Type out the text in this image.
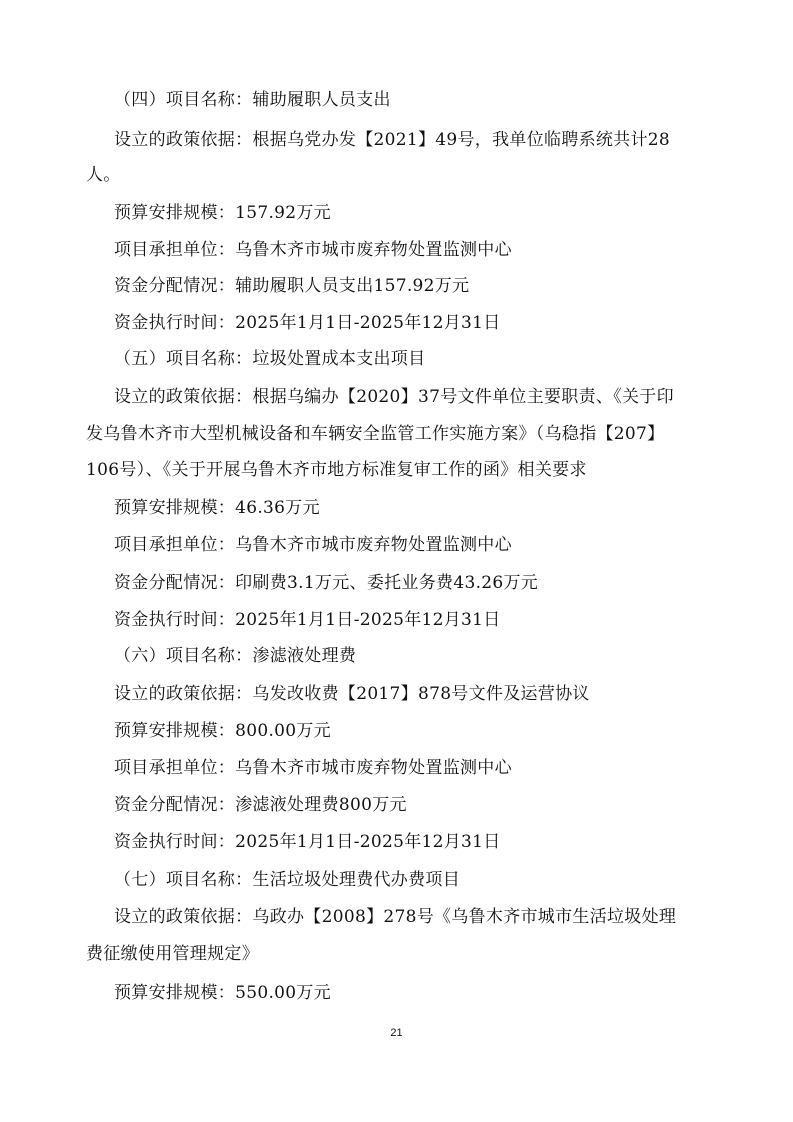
（四）项目名称：辅助履职人员支出
设立的政策依据：根据乌党办发【2021】49号，我单位临聘系统共计28
人。
预算安排规模：157.92万元
项目承担单位：乌鲁木齐市城市废弃物处置监测中心
资金分配情况：辅助履职人员支出157.92万元
资金执行时间：2025年1月1日-2025年12月31日
（五）项目名称：垃圾处置成本支出项目
设立的政策依据：根据乌编办【2020】37号文件单位主要职责、《关于印
发乌鲁木齐市大型机械设备和车辆安全监管工作实施方案》（乌稳指【207】
106号）、《关于开展乌鲁木齐市地方标准复审工作的函》相关要求
预算安排规模：46.36万元
项目承担单位：乌鲁木齐市城市废弃物处置监测中心
资金分配情况：印刷费3.1万元、委托业务费43.26万元
资金执行时间：2025年1月1日-2025年12月31日
（六）项目名称：渗滤液处理费
设立的政策依据：乌发改收费【2017】878号文件及运营协议
预算安排规模：800.00万元
项目承担单位：乌鲁木齐市城市废弃物处置监测中心
资金分配情况：渗滤液处理费800万元
资金执行时间：2025年1月1日-2025年12月31日
（七）项目名称：生活垃圾处理费代办费项目
设立的政策依据：乌政办【2008】278号《乌鲁木齐市城市生活垃圾处理
费征缴使用管理规定》
预算安排规模：550.00万元
21
